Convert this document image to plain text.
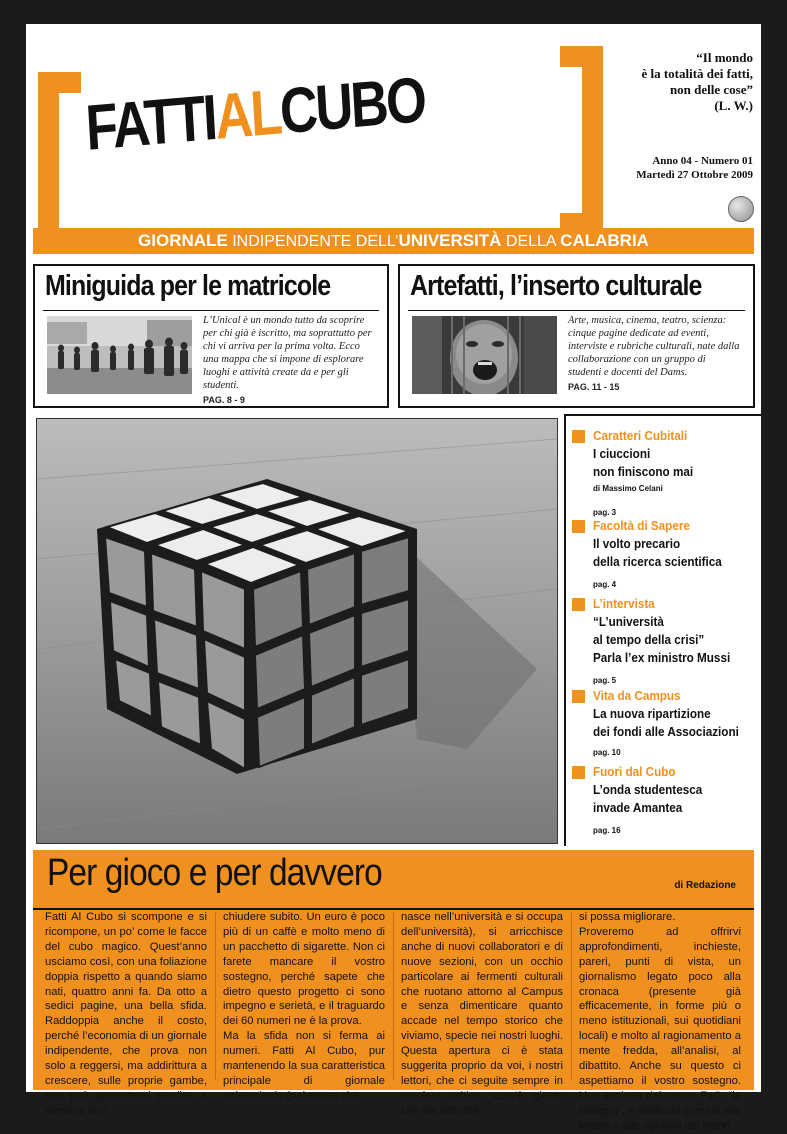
FATTIALCUBO
“Il mondo
è la totalità dei fatti,
non delle cose”
(L. W.)
Anno 04 - Numero 01
Martedì 27 Ottobre 2009
GIORNALE INDIPENDENTE DELL’UNIVERSITÀ DELLA CALABRIA
Miniguida per le matricole
L’Unical è un mondo tutto da scoprire per chi già è iscritto, ma soprattutto per chi vi arriva per la prima volta. Ecco una mappa che si impone di esplorare luoghi e attività create da e per gli studenti.
PAG. 8 - 9
Artefatti, l’inserto culturale
Arte, musica, cinema, teatro, scienza: cinque pagine dedicate ad eventi, interviste e rubriche culturali, nate dalla collaborazione con un gruppo di studenti e docenti del Dams.
PAG. 11 - 15
Caratteri Cubitali
I ciuccioni
non finiscono mai
di Massimo Celani
pag. 3
Facoltà di Sapere
Il volto precario
della ricerca scientifica
pag. 4
L’intervista
“L’università
al tempo della crisi”
Parla l’ex ministro Mussi
pag. 5
Vita da Campus
La nuova ripartizione
dei fondi alle Associazioni
pag. 10
Fuori dal Cubo
L’onda studentesca
invade Amantea
pag. 16
Per gioco e per davvero	di Redazione

Fatti Al Cubo si scompone e si ricompone, un po’ come le facce del cubo magico. Quest’anno usciamo così, con una foliazione doppia rispetto a quando siamo nati, quattro anni fa. Da otto a sedici pagine, una bella sfida. Raddoppia anche il costo, perché l’economia di un giornale indipendente, che prova non solo a reggersi, ma addirittura a crescere, sulle proprie gambe, non può permettersi perdite, a meno di non

chiudere subito. Un euro è poco più di un caffè e molto meno di un pacchetto di sigarette. Non ci farete mancare il vostro sostegno, perché sapete che dietro questo progetto ci sono impegno e serietà, e il traguardo dei 60 numeri ne è la prova.

Ma la sfida non si ferma ai numeri. Fatti Al Cubo, pur mantenendo la sua caratteristica principale di giornale universitario (nel senso che

nasce nell’università e si occupa dell’università), si arricchisce anche di nuovi collaboratori e di nuove sezioni, con un occhio particolare ai fermenti culturali che ruotano attorno al Campus e senza dimenticare quanto accade nel tempo storico che viviamo, specie nei nostri luoghi. Questa apertura ci è stata suggerita proprio da voi, i nostri lettori, che ci seguite sempre in maniera critica, com’è giusto che sia affinché

si possa migliorare.

Proveremo ad offrirvi approfondimenti, inchieste, pareri, punti di vista, un giornalismo legato poco alla cronaca (presente già efficacemente, in forme più o meno istituzionali, sui quotidiani locali) e molto al ragionamento a mente fredda, all’analisi, al dibattito. Anche su questo ci aspettiamo il vostro sostegno. Una sezione del nuovo FaC, “la lavagna”, è dedicata proprio alle lettere e alle opinioni dei lettori.
